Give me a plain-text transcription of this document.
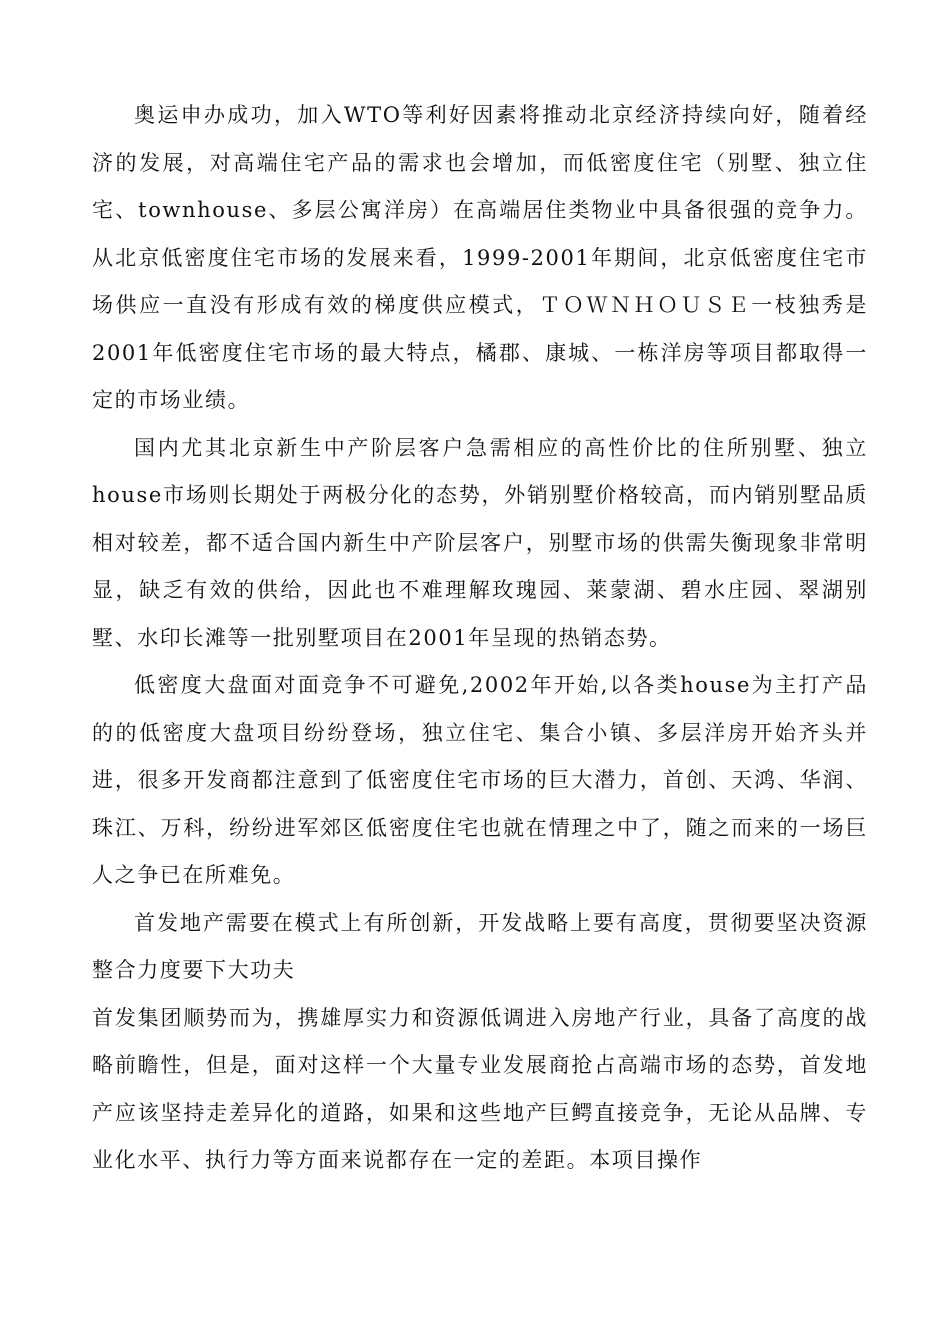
奥运申办成功，加入WTO等利好因素将推动北京经济持续向好，随着经济的发展，对高端住宅产品的需求也会增加，而低密度住宅（别墅、独立住宅、townhouse、多层公寓洋房）在高端居住类物业中具备很强的竞争力。从北京低密度住宅市场的发展来看，1999-2001年期间，北京低密度住宅市场供应一直没有形成有效的梯度供应模式，ＴＯＷＮＨＯＵＳＥ一枝独秀是2001年低密度住宅市场的最大特点，橘郡、康城、一栋洋房等项目都取得一定的市场业绩。

国内尤其北京新生中产阶层客户急需相应的高性价比的住所别墅、独立house市场则长期处于两极分化的态势，外销别墅价格较高，而内销别墅品质相对较差，都不适合国内新生中产阶层客户，别墅市场的供需失衡现象非常明显，缺乏有效的供给，因此也不难理解玫瑰园、莱蒙湖、碧水庄园、翠湖别墅、水印长滩等一批别墅项目在2001年呈现的热销态势。

低密度大盘面对面竞争不可避免,2002年开始,以各类house为主打产品的的低密度大盘项目纷纷登场，独立住宅、集合小镇、多层洋房开始齐头并进，很多开发商都注意到了低密度住宅市场的巨大潜力，首创、天鸿、华润、珠江、万科，纷纷进军郊区低密度住宅也就在情理之中了，随之而来的一场巨人之争已在所难免。

首发地产需要在模式上有所创新，开发战略上要有高度，贯彻要坚决资源整合力度要下大功夫

首发集团顺势而为，携雄厚实力和资源低调进入房地产行业，具备了高度的战略前瞻性，但是，面对这样一个大量专业发展商抢占高端市场的态势，首发地产应该坚持走差异化的道路，如果和这些地产巨鳄直接竞争，无论从品牌、专业化水平、执行力等方面来说都存在一定的差距。本项目操作
